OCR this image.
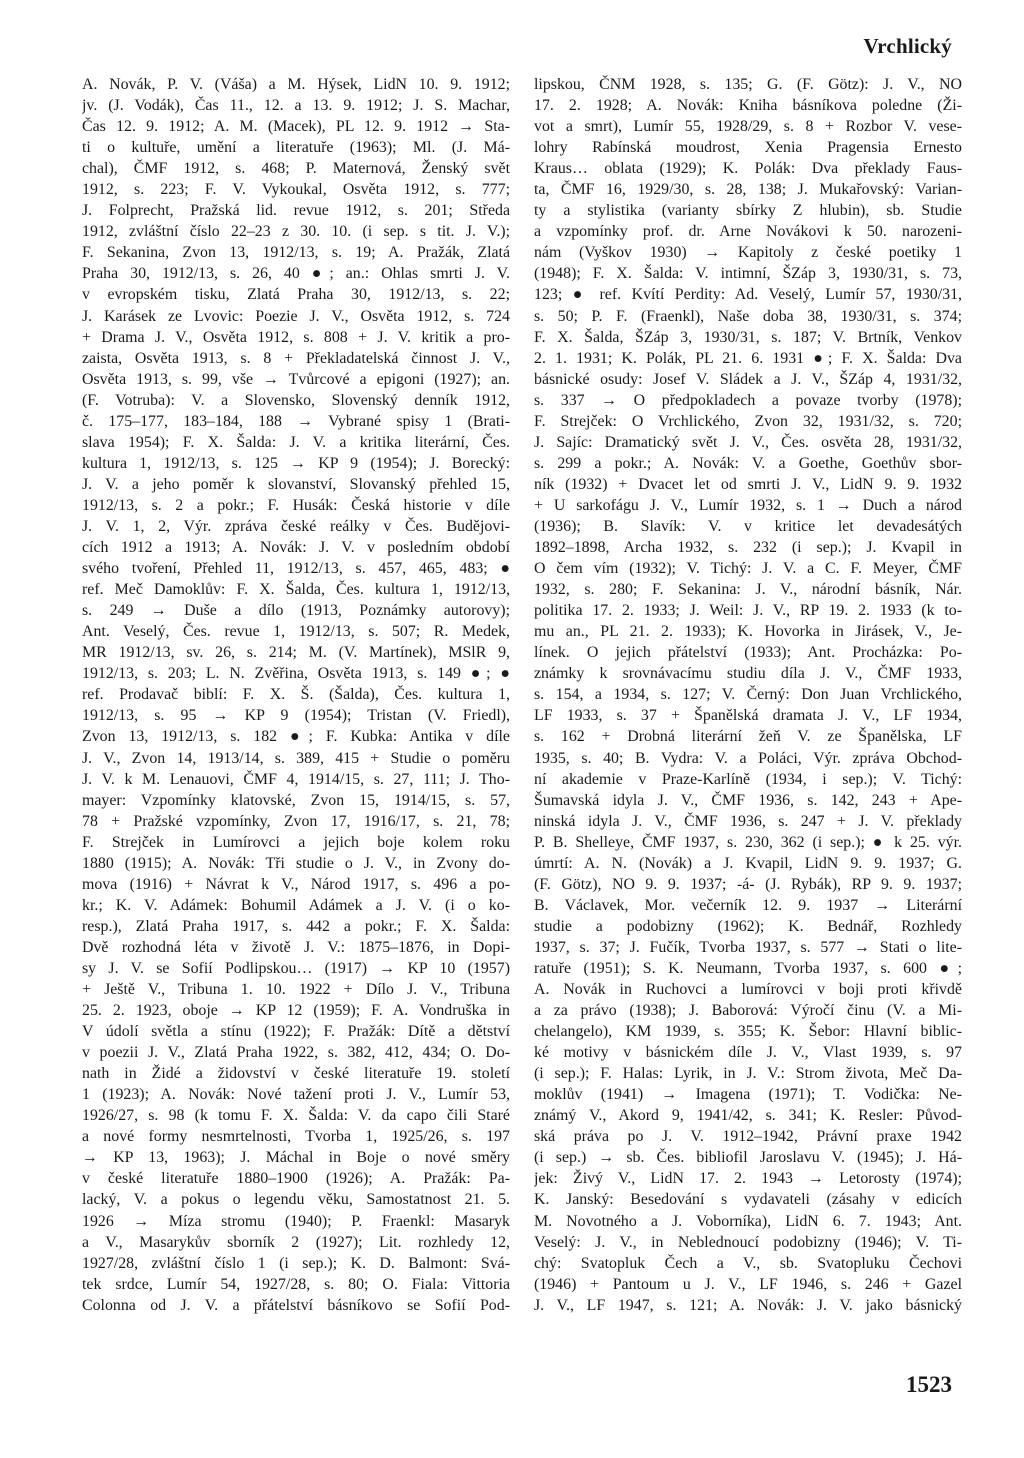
Vrchlický
A. Novák, P. V. (Váša) a M. Hýsek, LidN 10. 9. 1912;
jv. (J. Vodák), Čas 11., 12. a 13. 9. 1912; J. S. Machar,
Čas 12. 9. 1912; A. M. (Macek), PL 12. 9. 1912 → Sta-
ti o kultuře, umění a literatuře (1963); Ml. (J. Má-
chal), ČMF 1912, s. 468; P. Maternová, Ženský svět
1912, s. 223; F. V. Vykoukal, Osvěta 1912, s. 777;
J. Folprecht, Pražská lid. revue 1912, s. 201; Středa
1912, zvláštní číslo 22–23 z 30. 10. (i sep. s tit. J. V.);
F. Sekanina, Zvon 13, 1912/13, s. 19; A. Pražák, Zlatá
Praha 30, 1912/13, s. 26, 40 ●; an.: Ohlas smrti J. V.
v evropském tisku, Zlatá Praha 30, 1912/13, s. 22;
J. Karásek ze Lvovic: Poezie J. V., Osvěta 1912, s. 724
+ Drama J. V., Osvěta 1912, s. 808 + J. V. kritik a pro-
zaista, Osvěta 1913, s. 8 + Překladatelská činnost J. V.,
Osvěta 1913, s. 99, vše → Tvůrcové a epigoni (1927); an.
(F. Votruba): V. a Slovensko, Slovenský denník 1912,
č. 175–177, 183–184, 188 → Vybrané spisy 1 (Brati-
slava 1954); F. X. Šalda: J. V. a kritika literární, Čes.
kultura 1, 1912/13, s. 125 → KP 9 (1954); J. Borecký:
J. V. a jeho poměr k slovanství, Slovanský přehled 15,
1912/13, s. 2 a pokr.; F. Husák: Česká historie v díle
J. V. 1, 2, Výr. zpráva české reálky v Čes. Budějovi-
cích 1912 a 1913; A. Novák: J. V. v posledním období
svého tvoření, Přehled 11, 1912/13, s. 457, 465, 483; ●
ref. Meč Damoklův: F. X. Šalda, Čes. kultura 1, 1912/13,
s. 249 → Duše a dílo (1913, Poznámky autorovy);
Ant. Veselý, Čes. revue 1, 1912/13, s. 507; R. Medek,
MR 1912/13, sv. 26, s. 214; M. (V. Martínek), MSlR 9,
1912/13, s. 203; L. N. Zvěřina, Osvěta 1913, s. 149 ●; ●
ref. Prodavač biblí: F. X. Š. (Šalda), Čes. kultura 1,
1912/13, s. 95 → KP 9 (1954); Tristan (V. Friedl),
Zvon 13, 1912/13, s. 182 ●; F. Kubka: Antika v díle
J. V., Zvon 14, 1913/14, s. 389, 415 + Studie o poměru
J. V. k M. Lenauovi, ČMF 4, 1914/15, s. 27, 111; J. Tho-
mayer: Vzpomínky klatovské, Zvon 15, 1914/15, s. 57,
78 + Pražské vzpomínky, Zvon 17, 1916/17, s. 21, 78;
F. Strejček in Lumírovci a jejich boje kolem roku
1880 (1915); A. Novák: Tři studie o J. V., in Zvony do-
mova (1916) + Návrat k V., Národ 1917, s. 496 a po-
kr.; K. V. Adámek: Bohumil Adámek a J. V. (i o ko-
resp.), Zlatá Praha 1917, s. 442 a pokr.; F. X. Šalda:
Dvě rozhodná léta v životě J. V.: 1875–1876, in Dopi-
sy J. V. se Sofií Podlipskou… (1917) → KP 10 (1957)
+ Ještě V., Tribuna 1. 10. 1922 + Dílo J. V., Tribuna
25. 2. 1923, oboje → KP 12 (1959); F. A. Vondruška in
V údolí světla a stínu (1922); F. Pražák: Dítě a dětství
v poezii J. V., Zlatá Praha 1922, s. 382, 412, 434; O. Do-
nath in Židé a židovství v české literatuře 19. století
1 (1923); A. Novák: Nové tažení proti J. V., Lumír 53,
1926/27, s. 98 (k tomu F. X. Šalda: V. da capo čili Staré
a nové formy nesmrtelnosti, Tvorba 1, 1925/26, s. 197
→ KP 13, 1963); J. Máchal in Boje o nové směry
v české literatuře 1880–1900 (1926); A. Pražák: Pa-
lacký, V. a pokus o legendu věku, Samostatnost 21. 5.
1926 → Míza stromu (1940); P. Fraenkl: Masaryk
a V., Masarykův sborník 2 (1927); Lit. rozhledy 12,
1927/28, zvláštní číslo 1 (i sep.); K. D. Balmont: Svá-
tek srdce, Lumír 54, 1927/28, s. 80; O. Fiala: Vittoria
Colonna od J. V. a přátelství básníkovo se Sofií Pod-
lipskou, ČNM 1928, s. 135; G. (F. Götz): J. V., NO
17. 2. 1928; A. Novák: Kniha básníkova poledne (Ži-
vot a smrt), Lumír 55, 1928/29, s. 8 + Rozbor V. vese-
lohry Rabínská moudrost, Xenia Pragensia Ernesto
Kraus… oblata (1929); K. Polák: Dva překlady Faus-
ta, ČMF 16, 1929/30, s. 28, 138; J. Mukařovský: Varian-
ty a stylistika (varianty sbírky Z hlubin), sb. Studie
a vzpomínky prof. dr. Arne Novákovi k 50. narozeni-
nám (Vyškov 1930) → Kapitoly z české poetiky 1
(1948); F. X. Šalda: V. intimní, ŠZáp 3, 1930/31, s. 73,
123; ● ref. Kvítí Perdity: Ad. Veselý, Lumír 57, 1930/31,
s. 50; P. F. (Fraenkl), Naše doba 38, 1930/31, s. 374;
F. X. Šalda, ŠZáp 3, 1930/31, s. 187; V. Brtník, Venkov
2. 1. 1931; K. Polák, PL 21. 6. 1931 ●; F. X. Šalda: Dva
básnické osudy: Josef V. Sládek a J. V., ŠZáp 4, 1931/32,
s. 337 → O předpokladech a povaze tvorby (1978);
F. Strejček: O Vrchlického, Zvon 32, 1931/32, s. 720;
J. Sajíc: Dramatický svět J. V., Čes. osvěta 28, 1931/32,
s. 299 a pokr.; A. Novák: V. a Goethe, Goethův sbor-
ník (1932) + Dvacet let od smrti J. V., LidN 9. 9. 1932
+ U sarkofágu J. V., Lumír 1932, s. 1 → Duch a národ
(1936); B. Slavík: V. v kritice let devadesátých
1892–1898, Archa 1932, s. 232 (i sep.); J. Kvapil in
O čem vím (1932); V. Tichý: J. V. a C. F. Meyer, ČMF
1932, s. 280; F. Sekanina: J. V., národní básník, Nár.
politika 17. 2. 1933; J. Weil: J. V., RP 19. 2. 1933 (k to-
mu an., PL 21. 2. 1933); K. Hovorka in Jirásek, V., Je-
línek. O jejich přátelství (1933); Ant. Procházka: Po-
známky k srovnávacímu studiu díla J. V., ČMF 1933,
s. 154, a 1934, s. 127; V. Černý: Don Juan Vrchlického,
LF 1933, s. 37 + Španělská dramata J. V., LF 1934,
s. 162 + Drobná literární žeň V. ze Španělska, LF
1935, s. 40; B. Vydra: V. a Poláci, Výr. zpráva Obchod-
ní akademie v Praze-Karlíně (1934, i sep.); V. Tichý:
Šumavská idyla J. V., ČMF 1936, s. 142, 243 + Ape-
ninská idyla J. V., ČMF 1936, s. 247 + J. V. překlady
P. B. Shelleye, ČMF 1937, s. 230, 362 (i sep.); ● k 25. výr.
úmrtí: A. N. (Novák) a J. Kvapil, LidN 9. 9. 1937; G.
(F. Götz), NO 9. 9. 1937; -á- (J. Rybák), RP 9. 9. 1937;
B. Václavek, Mor. večerník 12. 9. 1937 → Literární
studie a podobizny (1962); K. Bednář, Rozhledy
1937, s. 37; J. Fučík, Tvorba 1937, s. 577 → Stati o lite-
ratuře (1951); S. K. Neumann, Tvorba 1937, s. 600 ●;
A. Novák in Ruchovci a lumírovci v boji proti křivdě
a za právo (1938); J. Baborová: Výročí činu (V. a Mi-
chelangelo), KM 1939, s. 355; K. Šebor: Hlavní biblic-
ké motivy v básnickém díle J. V., Vlast 1939, s. 97
(i sep.); F. Halas: Lyrik, in J. V.: Strom života, Meč Da-
moklův (1941) → Imagena (1971); T. Vodička: Ne-
známý V., Akord 9, 1941/42, s. 341; K. Resler: Původ-
ská práva po J. V. 1912–1942, Právní praxe 1942
(i sep.) → sb. Čes. bibliofil Jaroslavu V. (1945); J. Há-
jek: Živý V., LidN 17. 2. 1943 → Letorosty (1974);
K. Janský: Besedování s vydavateli (zásahy v edicích
M. Novotného a J. Voborníka), LidN 6. 7. 1943; Ant.
Veselý: J. V., in Neblednoucí podobizny (1946); V. Ti-
chý: Svatopluk Čech a V., sb. Svatopluku Čechovi
(1946) + Pantoum u J. V., LF 1946, s. 246 + Gazel
J. V., LF 1947, s. 121; A. Novák: J. V. jako básnický
1523
